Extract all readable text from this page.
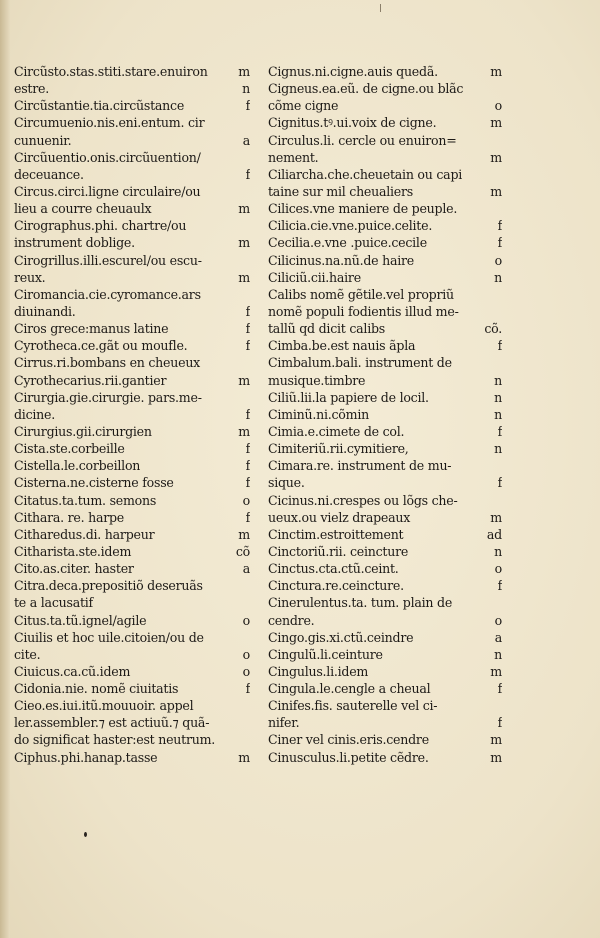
Circũsto.stas.stiti.stare.enuiron m
estre.	n
Circũstantie.tia.circũstance	f
Circumuenio.nis.eni.entum. cir
cunuenir.	a
Circũuentio.onis.circũuention/
deceuance.	f
Circus.circi.ligne circulaire/ou
lieu a courre cheuaulx	m
Cirographus.phi. chartre/ou
instrument doblige.	m
Cirogrillus.illi.escurel/ou escu-
reux.	m
Ciromancia.cie.cyromance.ars
diuinandi.	f
Ciros grece:manus latine	f
Cyrotheca.ce.gãt ou moufle.	f
Cirrus.ri.bombans en cheueux
Cyrothecarius.rii.gantier	m
Cirurgia.gie.cirurgie. pars.me-
dicine.	f
Cirurgius.gii.cirurgien	m
Cista.ste.corbeille	f
Cistella.le.corbeillon	f
Cisterna.ne.cisterne fosse	f
Citatus.ta.tum. semons	o
Cithara. re. harpe	f
Citharedus.di. harpeur	m
Citharista.ste.idem	cõ
Cito.as.citer. haster	a
Citra.deca.prepositiõ deseruãs
te a lacusatif
Citus.ta.tũ.ignel/agile	o
Ciuilis et hoc uile.citoien/ou de
cite.	o
Ciuicus.ca.cũ.idem	o
Cidonia.nie. nomẽ ciuitatis	f
Cieo.es.iui.itũ.mouuoir. appel
ler.assembler.⁊ est actiuũ.⁊ quã-
do significat haster:est neutrum.
Ciphus.phi.hanap.tasse	m
Cignus.ni.cigne.auis quedã.	m
Cigneus.ea.eũ. de cigne.ou blãc
cõme cigne	o
Cignitus.tꝰ.ui.voix de cigne.	m
Circulus.li. cercle ou enuiron=
nement.	m
Ciliarcha.che.cheuetain ou capi
taine sur mil cheualiers	m
Cilices.vne maniere de peuple.
Cilicia.cie.vne.puice.celite.	f
Cecilia.e.vne .puice.cecile	f
Cilicinus.na.nũ.de haire	o
Ciliciũ.cii.haire	n
Calibs nomẽ gẽtile.vel propriũ
nomẽ populi fodientis illud me-
tallũ qd dicit calibs	cõ.
Cimba.be.est nauis ãpla	f
Cimbalum.bali. instrument de
musique.timbre	n
Ciliũ.lii.la papiere de locil.	n
Ciminũ.ni.cõmin	n
Cimia.e.cimete de col.	f
Cimiteriũ.rii.cymitiere,	n
Cimara.re. instrument de mu-
sique.	f
Cicinus.ni.crespes ou lõgs che-
ueux.ou vielz drapeaux	m
Cinctim.estroittement	ad
Cinctoriũ.rii. ceincture	n
Cinctus.cta.ctũ.ceint.	o
Cinctura.re.ceincture.	f
Cinerulentus.ta. tum. plain de
cendre.	o
Cingo.gis.xi.ctũ.ceindre	a
Cingulũ.li.ceinture	n
Cingulus.li.idem	m
Cingula.le.cengle a cheual	f
Cinifes.fis. sauterelle vel ci-
nifer.	f
Ciner vel cinis.eris.cendre	m
Cinusculus.li.petite cẽdre.	m
